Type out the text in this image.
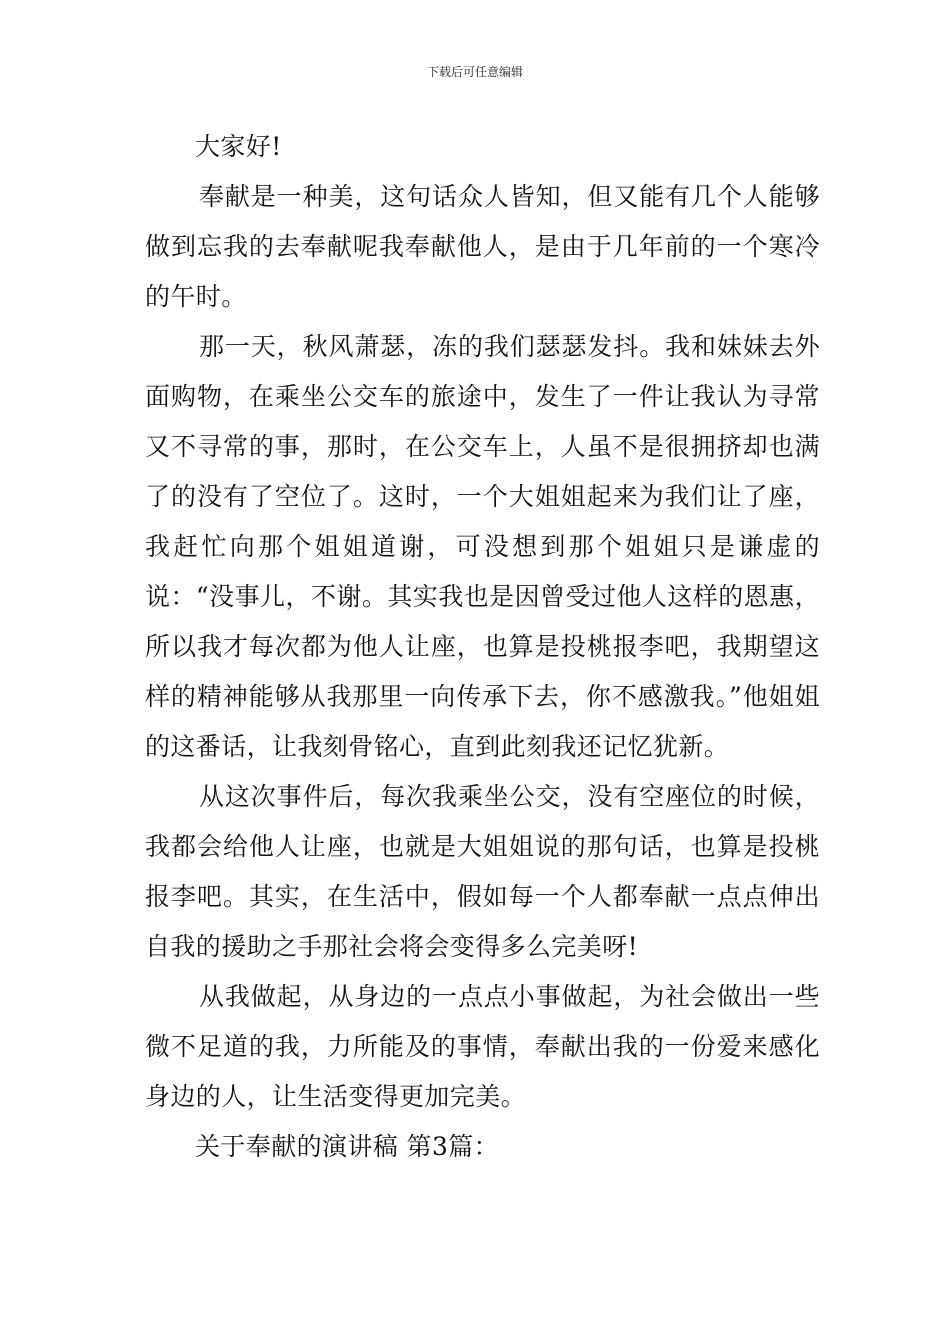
下载后可任意编辑

大家好!

奉献是一种美，这句话众人皆知，但又能有几个人能够做到忘我的去奉献呢我奉献他人，是由于几年前的一个寒冷的午时。

那一天，秋风萧瑟，冻的我们瑟瑟发抖。我和妹妹去外面购物，在乘坐公交车的旅途中，发生了一件让我认为寻常又不寻常的事，那时，在公交车上，人虽不是很拥挤却也满了的没有了空位了。这时，一个大姐姐起来为我们让了座，我赶忙向那个姐姐道谢，可没想到那个姐姐只是谦虚的说：“没事儿，不谢。其实我也是因曾受过他人这样的恩惠，所以我才每次都为他人让座，也算是投桃报李吧，我期望这样的精神能够从我那里一向传承下去，你不感激我。”他姐姐的这番话，让我刻骨铭心，直到此刻我还记忆犹新。

从这次事件后，每次我乘坐公交，没有空座位的时候，我都会给他人让座，也就是大姐姐说的那句话，也算是投桃报李吧。其实，在生活中，假如每一个人都奉献一点点伸出自我的援助之手那社会将会变得多么完美呀!

从我做起，从身边的一点点小事做起，为社会做出一些微不足道的我，力所能及的事情，奉献出我的一份爱来感化身边的人，让生活变得更加完美。

关于奉献的演讲稿 第3篇：
